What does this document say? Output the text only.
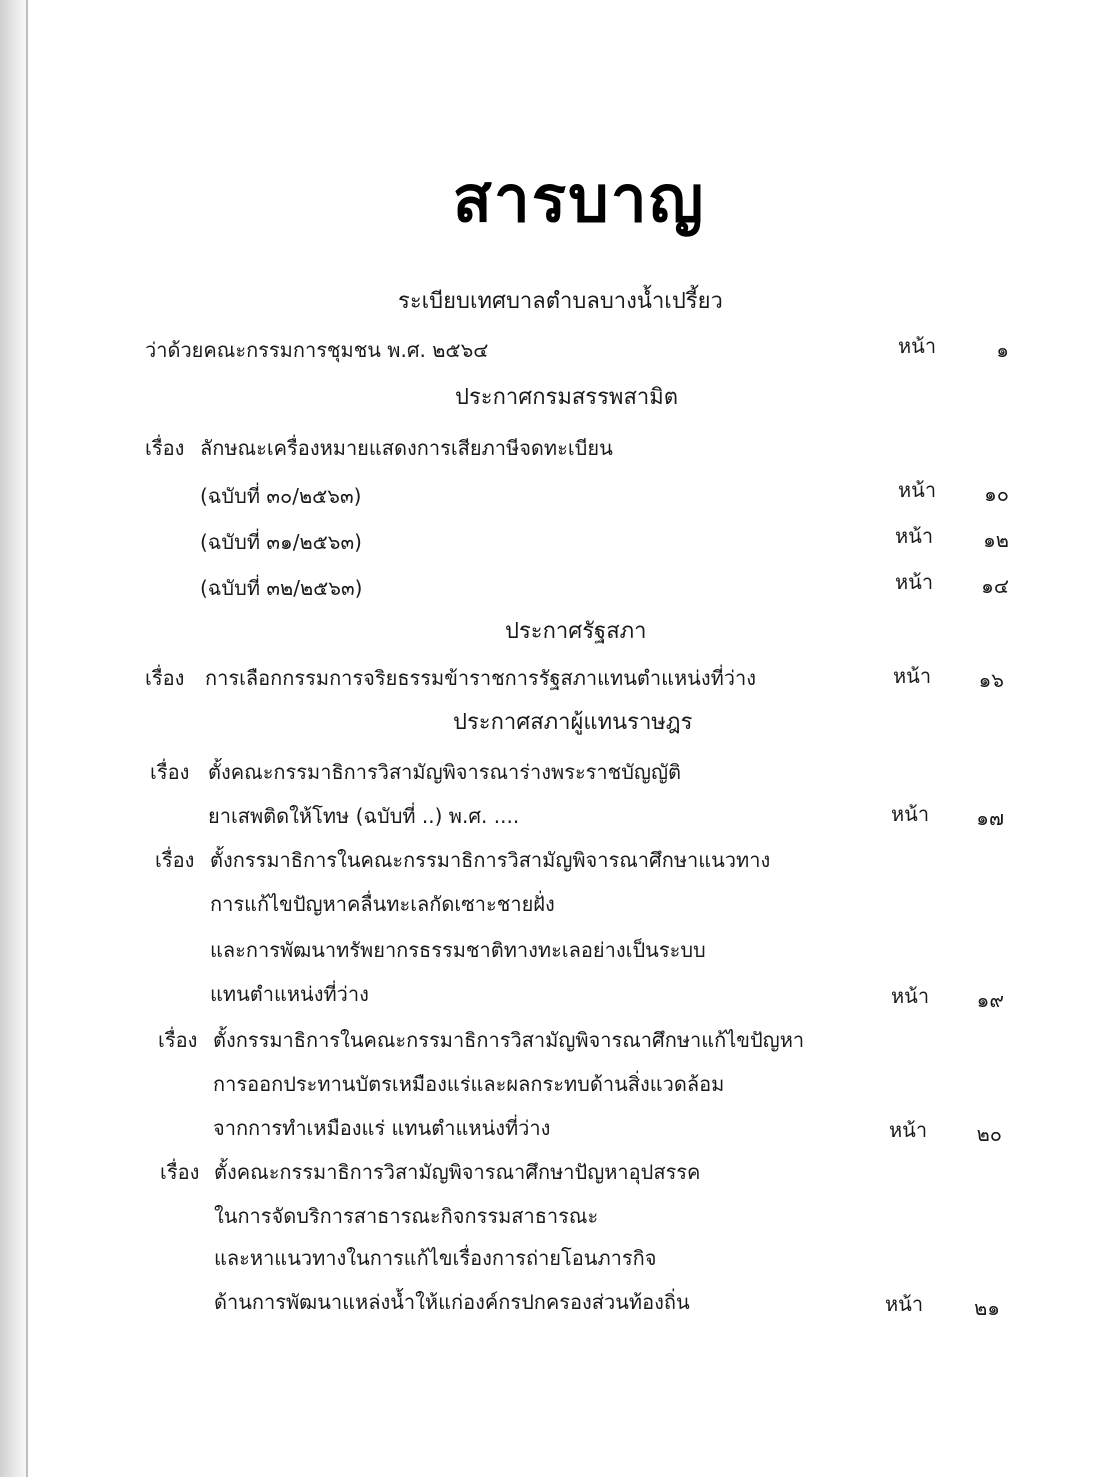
สารบาญ
ระเบียบเทศบาลตำบลบางน้ำเปรี้ยว
ว่าด้วยคณะกรรมการชุมชน พ.ศ. ๒๕๖๔	หน้า	๑
ประกาศกรมสรรพสามิต
เรื่อง ลักษณะเครื่องหมายแสดงการเสียภาษีจดทะเบียน
(ฉบับที่ ๓๐/๒๕๖๓)	หน้า	๑๐
(ฉบับที่ ๓๑/๒๕๖๓)	หน้า	๑๒
(ฉบับที่ ๓๒/๒๕๖๓)	หน้า	๑๔
ประกาศรัฐสภา
เรื่อง การเลือกกรรมการจริยธรรมข้าราชการรัฐสภาแทนตำแหน่งที่ว่าง	หน้า	๑๖
ประกาศสภาผู้แทนราษฎร
เรื่อง ตั้งคณะกรรมาธิการวิสามัญพิจารณาร่างพระราชบัญญัติ
ยาเสพติดให้โทษ (ฉบับที่ ..) พ.ศ. ....	หน้า	๑๗
เรื่อง ตั้งกรรมาธิการในคณะกรรมาธิการวิสามัญพิจารณาศึกษาแนวทาง
การแก้ไขปัญหาคลื่นทะเลกัดเซาะชายฝั่ง
และการพัฒนาทรัพยากรธรรมชาติทางทะเลอย่างเป็นระบบ
แทนตำแหน่งที่ว่าง	หน้า	๑๙
เรื่อง ตั้งกรรมาธิการในคณะกรรมาธิการวิสามัญพิจารณาศึกษาแก้ไขปัญหา
การออกประทานบัตรเหมืองแร่และผลกระทบด้านสิ่งแวดล้อม
จากการทำเหมืองแร่ แทนตำแหน่งที่ว่าง	หน้า	๒๐
เรื่อง ตั้งคณะกรรมาธิการวิสามัญพิจารณาศึกษาปัญหาอุปสรรค
ในการจัดบริการสาธารณะกิจกรรมสาธารณะ
และหาแนวทางในการแก้ไขเรื่องการถ่ายโอนภารกิจ
ด้านการพัฒนาแหล่งน้ำให้แก่องค์กรปกครองส่วนท้องถิ่น	หน้า	๒๑
